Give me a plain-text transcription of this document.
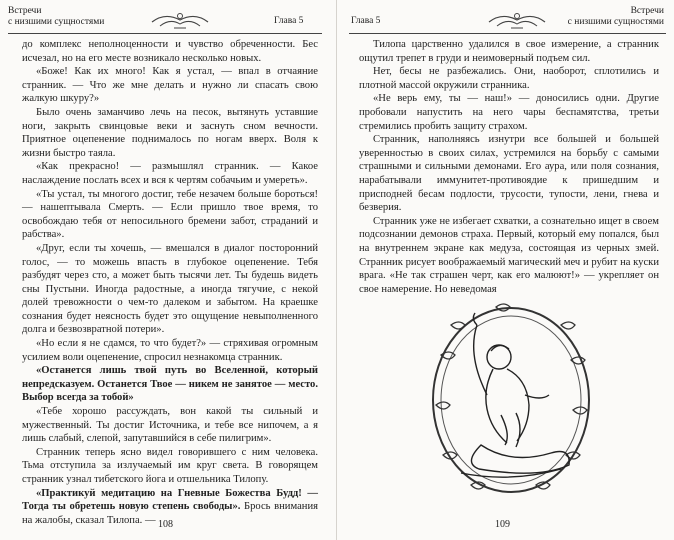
Встречи
с низшими сущностями	Глава 5

до комплекс неполноценности и чувство обреченности. Бес исчезал, но на его месте возникало несколько новых.

«Боже! Как их много! Как я устал, — впал в отчаяние странник. — Что же мне делать и нужно ли спасать свою жалкую шкуру?»

Было очень заманчиво лечь на песок, вытянуть уставшие ноги, закрыть свинцовые веки и заснуть сном вечности. Приятное оцепенение поднималось по ногам вверх. Воля к жизни быстро таяла.

«Как прекрасно! — размышлял странник. — Какое наслаждение послать всех и вся к чертям собачьим и умереть».

«Ты устал, ты многого достиг, тебе незачем больше бороться! — нашептывала Смерть. — Если пришло твое время, то освобождаю тебя от непосильного бремени забот, страданий и рабства».

«Друг, если ты хочешь, — вмешался в диалог посторонний голос, — то можешь впасть в глубокое оцепенение. Тебя разбудят через сто, а может быть тысячи лет. Ты будешь видеть сны Пустыни. Иногда радостные, а иногда тягучие, с некой долей тревожности о чем-то далеком и забытом. На краешке сознания будет неясность будет это ощущение невыполненного долга и безвозвратной потери».

«Но если я не сдамся, то что будет?» — стряхивая огромным усилием воли оцепенение, спросил незнакомца странник.

«Останется лишь твой путь во Вселенной, который непредсказуем. Останется Твое — никем не занятое — место. Выбор всегда за тобой»

«Тебе хорошо рассуждать, вон какой ты сильный и мужественный. Ты достиг Источника, и тебе все нипочем, а я лишь слабый, слепой, запутавшийся в себе пилигрим».

Странник теперь ясно видел говорившего с ним человека. Тьма отступила за излучаемый им круг света. В говорящем странник узнал тибетского йога и отшельника Тилопу.

«Практикуй медитацию на Гневные Божества Будд! — Тогда ты обретешь новую степень свободы». Брось внимания на жалобы, сказал Тилопа. — 108
Глава 5
Встречи
с низшими сущностями

Тилопа царственно удалился в свое измерение, а странник ощутил трепет в груди и неимоверный подъем сил.

Нет, бесы не разбежались. Они, наоборот, сплотились и плотной массой окружили странника.

«Не верь ему, ты — наш!» — доносились одни. Другие пробовали напустить на него чары беспамятства, третьи стремились пробить защиту страхом.

Странник, наполняясь изнутри все большей и большей уверенностью в своих силах, устремился на борьбу с самыми страшными и сильными демонами. Его аура, или поля сознания, нарабатывали иммунитет-противоядие к пришедшим и присподней бесам подлости, трусости, тупости, лени, гнева и безверия.

Странник уже не избегает схватки, а сознательно ищет в своем подсознании демонов страха. Первый, который ему попался, был на внутреннем экране как медуза, состоящая из черных змей. Странник рисует воображаемый магический меч и рубит на куски врага. «Не так страшен черт, как его малюют!» — укрепляет он свое намерение. Но неведомая

109
